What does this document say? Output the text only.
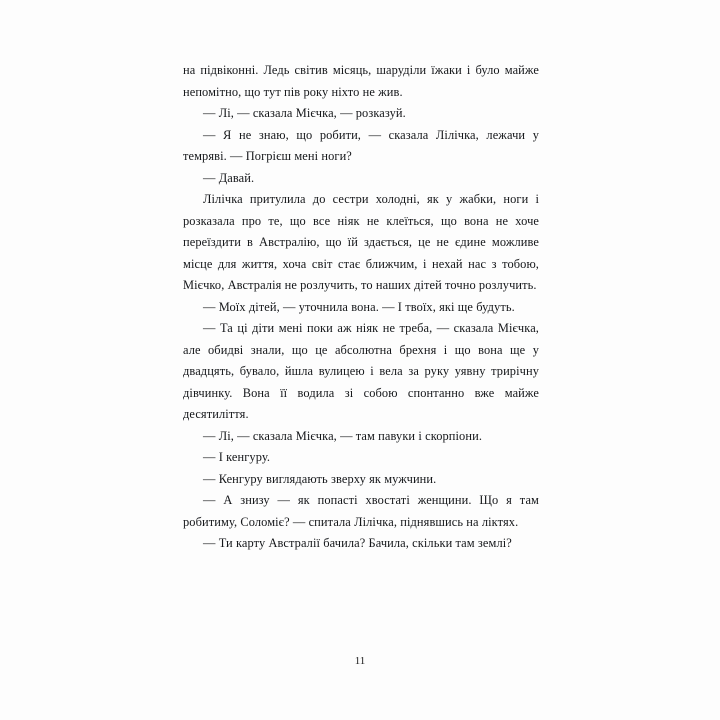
на підвіконні. Ледь світив місяць, шаруділи їжаки і було майже непомітно, що тут пів року ніхто не жив.

— Лі, — сказала Мієчка, — розказуй.

— Я не знаю, що робити, — сказала Лілічка, лежачи у темряві. — Погрієш мені ноги?

— Давай.

Лілічка притулила до сестри холодні, як у жабки, ноги і розказала про те, що все ніяк не клеїться, що вона не хоче переїздити в Австралію, що їй здається, це не єдине можливе місце для життя, хоча світ стає ближчим, і нехай нас з тобою, Мієчко, Австралія не розлучить, то наших дітей точно розлучить.

— Моїх дітей, — уточнила вона. — І твоїх, які ще будуть.

— Та ці діти мені поки аж ніяк не треба, — сказала Мієчка, але обидві знали, що це абсолютна брехня і що вона ще у двадцять, бувало, йшла вулицею і вела за руку уявну трирічну дівчинку. Вона її водила зі собою спонтанно вже майже десятиліття.

— Лі, — сказала Мієчка, — там павуки і скорпіони.

— І кенгуру.

— Кенгуру виглядають зверху як мужчини.

— А знизу — як попасті хвостаті женщини. Що я там робитиму, Соломіє? — спитала Лілічка, піднявшись на ліктях.

— Ти карту Австралії бачила? Бачила, скільки там землі?

11
